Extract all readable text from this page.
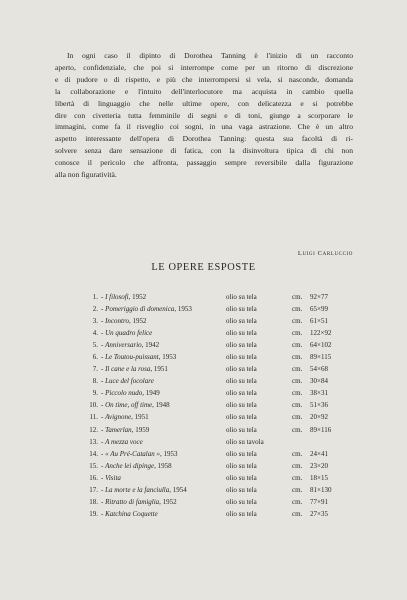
In ogni caso il dipinto di Dorothea Tanning è l'inizio di un racconto
aperto, confidenziale, che poi si interrompe come per un ritorno di discrezione
e di pudore o di rispetto, e più che interrompersi si vela, si nasconde, domanda
la collaborazione e l'intuito dell'interlocutore ma acquista in cambio quella
libertà di linguaggio che nelle ultime opere, con delicatezza e si potrebbe
dire con civetteria tutta femminile di segni e di toni, giunge a scorporare le
immagini, come fa il risveglio coi sogni, in una vaga astrazione. Che è un altro
aspetto interessante dell'opera di Dorothea Tanning: questa sua facoltà di ri-
solvere senza dare sensazione di fatica, con la disinvoltura tipica di chi non
conosce il pericolo che affronta, passaggio sempre reversibile dalla figurazione
alla non figuratività.
Luigi Carluccio
LE OPERE ESPOSTE
1.	- I filosofi, 1952	olio su tela	cm.	92×77
2.	- Pomeriggio di domenica, 1953	olio su tela	cm.	65×99
3.	- Incontro, 1952	olio su tela	cm.	61×51
4.	- Un quadro felice	olio su tela	cm.	122×92
5.	- Anniversario, 1942	olio su tela	cm.	64×102
6.	- Le Toutou-puissant, 1953	olio su tela	cm.	89×115
7.	- Il cane e la rosa, 1951	olio su tela	cm.	54×68
8.	- Luce del focolare	olio su tela	cm.	30×84
9.	- Piccolo nudo, 1949	olio su tela	cm.	38×31
10.	- On time, off time, 1948	olio su tela	cm.	51×36
11.	- Avignone, 1951	olio su tela	cm.	20×92
12.	- Tamerlan, 1959	olio su tela	cm.	89×116
13.	- A mezza voce	olio su tavola		
14.	- « Au Pré-Catalan », 1953	olio su tela	cm.	24×41
15.	- Anche lei dipinge, 1958	olio su tela	cm.	23×20
16.	- Visita	olio su tela	cm.	18×15
17.	- La morte e la fanciulla, 1954	olio su tela	cm.	81×130
18.	- Ritratto di famiglia, 1952	olio su tela	cm.	77×91
19.	- Katchina Coquette	olio su tela	cm.	27×35
